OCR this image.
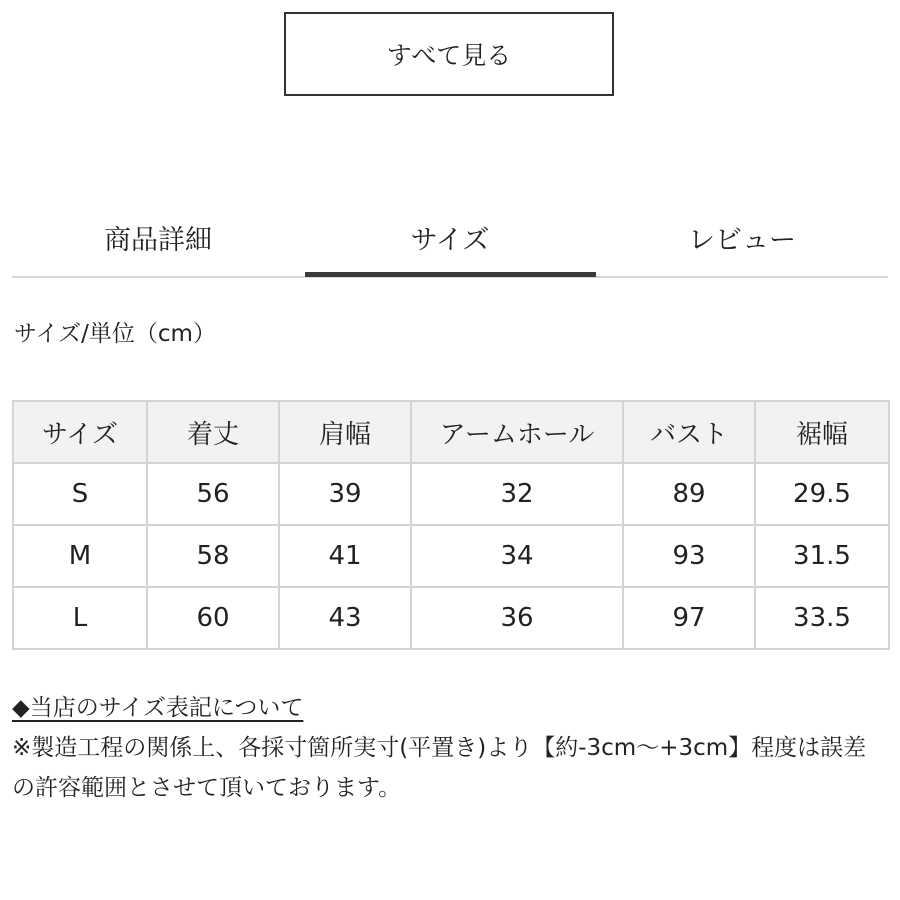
すべて見る
商品詳細	サイズ	レビュー
サイズ/単位（cm）
サイズ	着丈	肩幅	アームホール	バスト	裾幅
S	56	39	32	89	29.5
M	58	41	34	93	31.5
L	60	43	36	97	33.5
◆当店のサイズ表記について
※製造工程の関係上、各採寸箇所実寸(平置き)より【約-3cm〜+3cm】程度は誤差の許容範囲とさせて頂いております。
